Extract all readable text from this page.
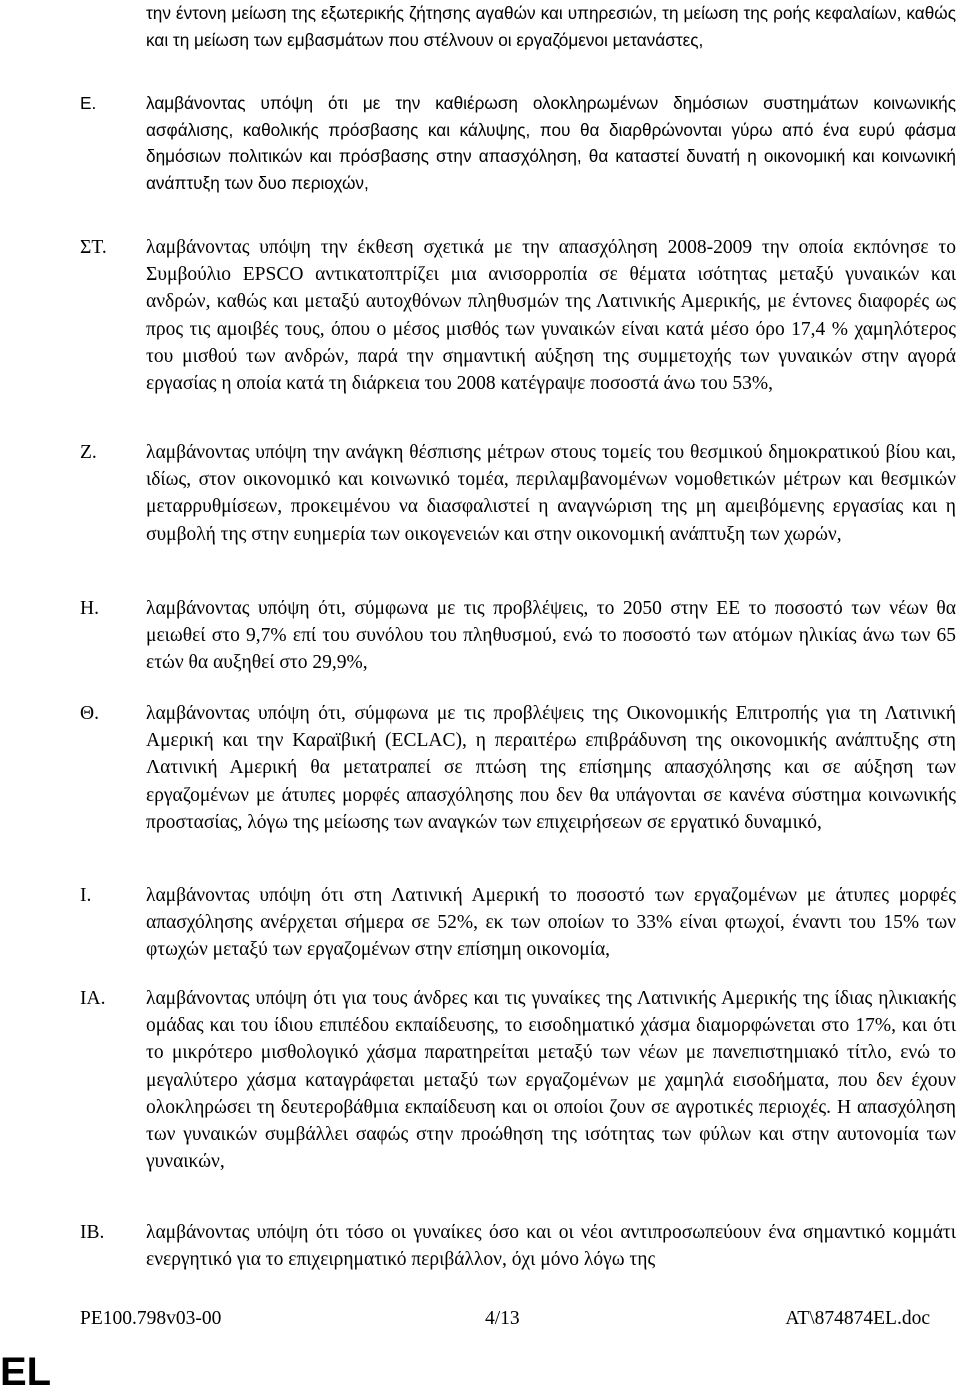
την έντονη μείωση της εξωτερικής ζήτησης αγαθών και υπηρεσιών, τη μείωση της ροής κεφαλαίων, καθώς και τη μείωση των εμβασμάτων που στέλνουν οι εργαζόμενοι μετανάστες,
Ε.	λαμβάνοντας υπόψη ότι με την καθιέρωση ολοκληρωμένων δημόσιων συστημάτων κοινωνικής ασφάλισης, καθολικής πρόσβασης και κάλυψης, που θα διαρθρώνονται γύρω από ένα ευρύ φάσμα δημόσιων πολιτικών και πρόσβασης στην απασχόληση, θα καταστεί δυνατή η οικονομική και κοινωνική ανάπτυξη των δυο περιοχών,
ΣΤ. λαμβάνοντας υπόψη την έκθεση σχετικά με την απασχόληση 2008-2009 την οποία εκπόνησε το Συμβούλιο EPSCO αντικατοπτρίζει μια ανισορροπία σε θέματα ισότητας μεταξύ γυναικών και ανδρών, καθώς και μεταξύ αυτοχθόνων πληθυσμών της Λατινικής Αμερικής, με έντονες διαφορές ως προς τις αμοιβές τους, όπου ο μέσος μισθός των γυναικών είναι κατά μέσο όρο 17,4 % χαμηλότερος του μισθού των ανδρών, παρά την σημαντική αύξηση της συμμετοχής των γυναικών στην αγορά εργασίας η οποία κατά τη διάρκεια του 2008 κατέγραψε ποσοστά άνω του 53%,
Ζ.	λαμβάνοντας υπόψη την ανάγκη θέσπισης μέτρων στους τομείς του θεσμικού δημοκρατικού βίου και, ιδίως, στον οικονομικό και κοινωνικό τομέα, περιλαμβανομένων νομοθετικών μέτρων και θεσμικών μεταρρυθμίσεων, προκειμένου να διασφαλιστεί η αναγνώριση της μη αμειβόμενης εργασίας και η συμβολή της στην ευημερία των οικογενειών και στην οικονομική ανάπτυξη των χωρών,
Η. λαμβάνοντας υπόψη ότι, σύμφωνα με τις προβλέψεις, το 2050 στην ΕΕ το ποσοστό των νέων θα μειωθεί στο 9,7% επί του συνόλου του πληθυσμού, ενώ το ποσοστό των ατόμων ηλικίας άνω των 65 ετών θα αυξηθεί στο 29,9%,
Θ. λαμβάνοντας υπόψη ότι, σύμφωνα με τις προβλέψεις της Οικονομικής Επιτροπής για τη Λατινική Αμερική και την Καραϊβική (ECLAC), η περαιτέρω επιβράδυνση της οικονομικής ανάπτυξης στη Λατινική Αμερική θα μετατραπεί σε πτώση της επίσημης απασχόλησης και σε αύξηση των εργαζομένων με άτυπες μορφές απασχόλησης που δεν θα υπάγονται σε κανένα σύστημα κοινωνικής προστασίας, λόγω της μείωσης των αναγκών των επιχειρήσεων σε εργατικό δυναμικό,
Ι.	λαμβάνοντας υπόψη ότι στη Λατινική Αμερική το ποσοστό των εργαζομένων με άτυπες μορφές απασχόλησης ανέρχεται σήμερα σε 52%, εκ των οποίων το 33% είναι φτωχοί, έναντι του 15% των φτωχών μεταξύ των εργαζομένων στην επίσημη οικονομία,
ΙΑ. λαμβάνοντας υπόψη ότι για τους άνδρες και τις γυναίκες της Λατινικής Αμερικής της ίδιας ηλικιακής ομάδας και του ίδιου επιπέδου εκπαίδευσης, το εισοδηματικό χάσμα διαμορφώνεται στο 17%, και ότι το μικρότερο μισθολογικό χάσμα παρατηρείται μεταξύ των νέων με πανεπιστημιακό τίτλο, ενώ το μεγαλύτερο χάσμα καταγράφεται μεταξύ των εργαζομένων με χαμηλά εισοδήματα, που δεν έχουν ολοκληρώσει τη δευτεροβάθμια εκπαίδευση και οι οποίοι ζουν σε αγροτικές περιοχές. Η απασχόληση των γυναικών συμβάλλει σαφώς στην προώθηση της ισότητας των φύλων και στην αυτονομία των γυναικών,
ΙΒ. λαμβάνοντας υπόψη ότι τόσο οι γυναίκες όσο και οι νέοι αντιπροσωπεύουν ένα σημαντικό κομμάτι ενεργητικό για το επιχειρηματικό περιβάλλον, όχι μόνο λόγω της
PE100.798v03-00	4/13	AT\874874EL.doc
EL
